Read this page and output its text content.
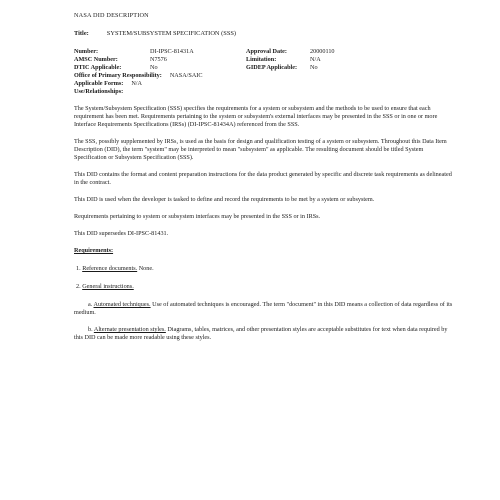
NASA DID DESCRIPTION
Title:	SYSTEM/SUBSYSTEM SPECIFICATION (SSS)
Number:	DI-IPSC-81431A	Approval Date:	20000110
AMSC Number:	N7576	Limitation:	N/A
DTIC Applicable:	No	GIDEP Applicable:	No
Office of Primary Responsibility: NASA/SAIC
Applicable Forms: N/A
Use/Relationships:

The System/Subsystem Specification (SSS) specifies the requirements for a system or subsystem and the methods to be used to ensure that each requirement has been met. Requirements pertaining to the system or subsystem's external interfaces may be presented in the SSS or in one or more Interface Requirements Specifications (IRSs) (DI-IPSC-81434A) referenced from the SSS.

The SSS, possibly supplemented by IRSs, is used as the basis for design and qualification testing of a system or subsystem. Throughout this Data Item Description (DID), the term "system" may be interpreted to mean "subsystem" as applicable. The resulting document should be titled System Specification or Subsystem Specification (SSS).

This DID contains the format and content preparation instructions for the data product generated by specific and discrete task requirements as delineated in the contract.

This DID is used when the developer is tasked to define and record the requirements to be met by a system or subsystem.

Requirements pertaining to system or subsystem interfaces may be presented in the SSS or in IRSs.

This DID supersedes DI-IPSC-81431.

Requirements:
1. Reference documents. None.
2. General instructions.

a. Automated techniques. Use of automated techniques is encouraged. The term "document" in this DID means a collection of data regardless of its medium.

b. Alternate presentation styles. Diagrams, tables, matrices, and other presentation styles are acceptable substitutes for text when data required by this DID can be made more readable using these styles.
